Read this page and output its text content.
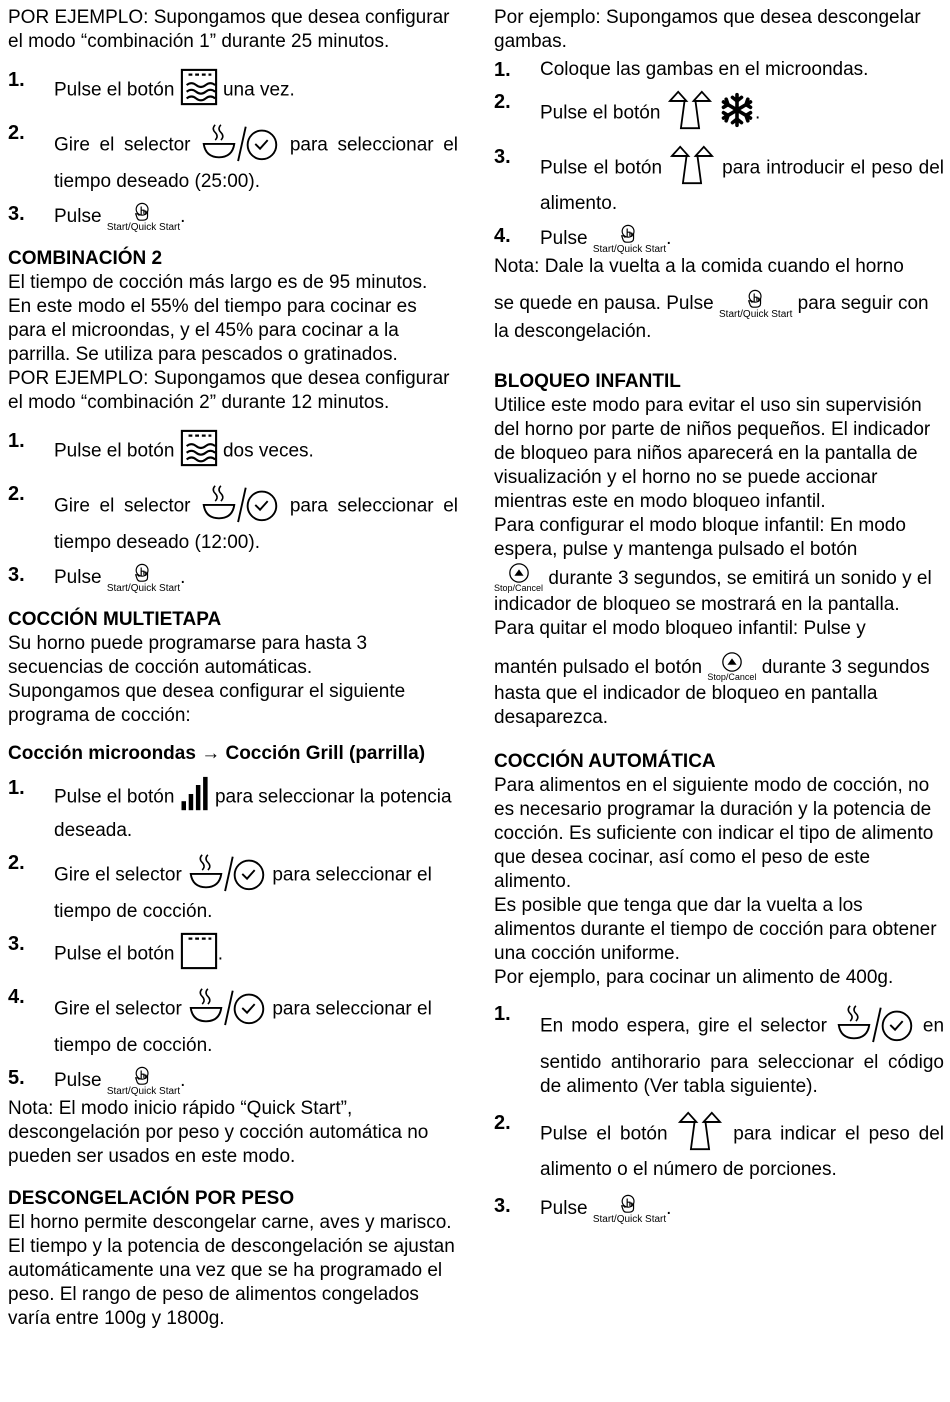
POR EJEMPLO: Supongamos que desea configurar el modo “combinación 1” durante 25 minutos.

1. Pulse el botón	una vez.
2.
Gire el selector	para seleccionar el tiempo deseado (25:00).
3. Pulse
Start/Quick Start
.

COMBINACIÓN 2

El tiempo de cocción más largo es de 95 minutos.

En este modo el 55% del tiempo para cocinar es para el microondas, y el 45% para cocinar a la parrilla. Se utiliza para pescados o gratinados.

POR EJEMPLO: Supongamos que desea configurar el modo “combinación 2” durante 12 minutos.

1. Pulse el botón	dos veces.
2.
Gire el selector	para seleccionar el tiempo deseado (12:00).
3. Pulse
Start/Quick Start
.

COCCIÓN MULTIETAPA

Su horno puede programarse para hasta 3 secuencias de cocción automáticas.

Supongamos que desea configurar el siguiente programa de cocción:

Cocción microondas → Cocción Grill (parrilla)

1. Pulse el botón para seleccionar la potencia deseada.
2.
Gire el selector	para seleccionar el tiempo de cocción.
3. Pulse el botón .
4.
Gire el selector	para seleccionar el tiempo de cocción.
5. Pulse
Start/Quick Start
.

Nota: El modo inicio rápido “Quick Start”, descongelación por peso y cocción automática no pueden ser usados en este modo.

DESCONGELACIÓN POR PESO

El horno permite descongelar carne, aves y marisco. El tiempo y la potencia de descongelación se ajustan automáticamente una vez que se ha programado el peso. El rango de peso de alimentos congelados varía entre 100g y 1800g.

Por ejemplo: Supongamos que desea descongelar gambas.

1. Coloque las gambas en el microondas.
2.
Pulse el botón	.
3.
Pulse el botón	para introducir el peso del alimento.
4. Pulse
Start/Quick Start
.

Nota: Dale la vuelta a la comida cuando el horno

se quede en pausa. Pulse
Start/Quick Start
para seguir con la descongelación.

BLOQUEO INFANTIL

Utilice este modo para evitar el uso sin supervisión del horno por parte de niños pequeños. El indicador de bloqueo para niños aparecerá en la pantalla de visualización y el horno no se puede accionar mientras este en modo bloqueo infantil.

Para configurar el modo bloque infantil: En modo espera, pulse y mantenga pulsado el botón

Stop/Cancel durante 3 segundos, se emitirá un sonido y el indicador de bloqueo se mostrará en la pantalla.

Para quitar el modo bloqueo infantil: Pulse y

mantén pulsado el botón Stop/Cancel durante 3 segundos hasta que el indicador de bloqueo en pantalla desaparezca.

COCCIÓN AUTOMÁTICA

Para alimentos en el siguiente modo de cocción, no es necesario programar la duración y la potencia de cocción. Es suficiente con indicar el tipo de alimento que desea cocinar, así como el peso de este alimento.

Es posible que tenga que dar la vuelta a los alimentos durante el tiempo de cocción para obtener una cocción uniforme.

Por ejemplo, para cocinar un alimento de 400g.

1.
En modo espera, gire el selector	en sentido antihorario para seleccionar el código de alimento (Ver tabla siguiente).
2.
Pulse el botón	para indicar el peso del alimento o el número de porciones.
3. Pulse
Start/Quick Start
.
